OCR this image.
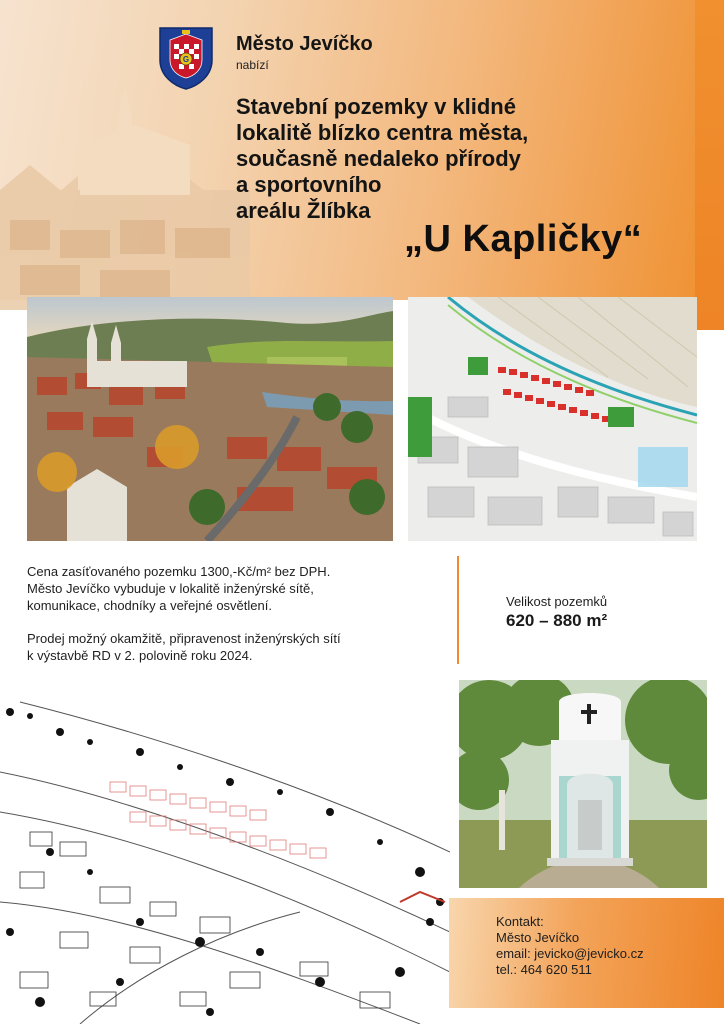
G
Město Jevíčko
nabízí
Stavební pozemky v klidné
lokalitě blízko centra města,
současně nedaleko přírody
a sportovního
areálu Žlíbka
„U Kapličky“

Cena zasíťovaného pozemku 1300,-Kč/m² bez DPH.
Město Jevíčko vybuduje v lokalitě inženýrské sítě,
komunikace, chodníky a veřejné osvětlení.

Prodej možný okamžitě, připravenost inženýrských sítí
k výstavbě RD v 2. polovině roku 2024.

Velikost pozemků
620 – 880 m²
Kontakt:
Město Jevíčko
email: jevicko@jevicko.cz
tel.: 464 620 511
